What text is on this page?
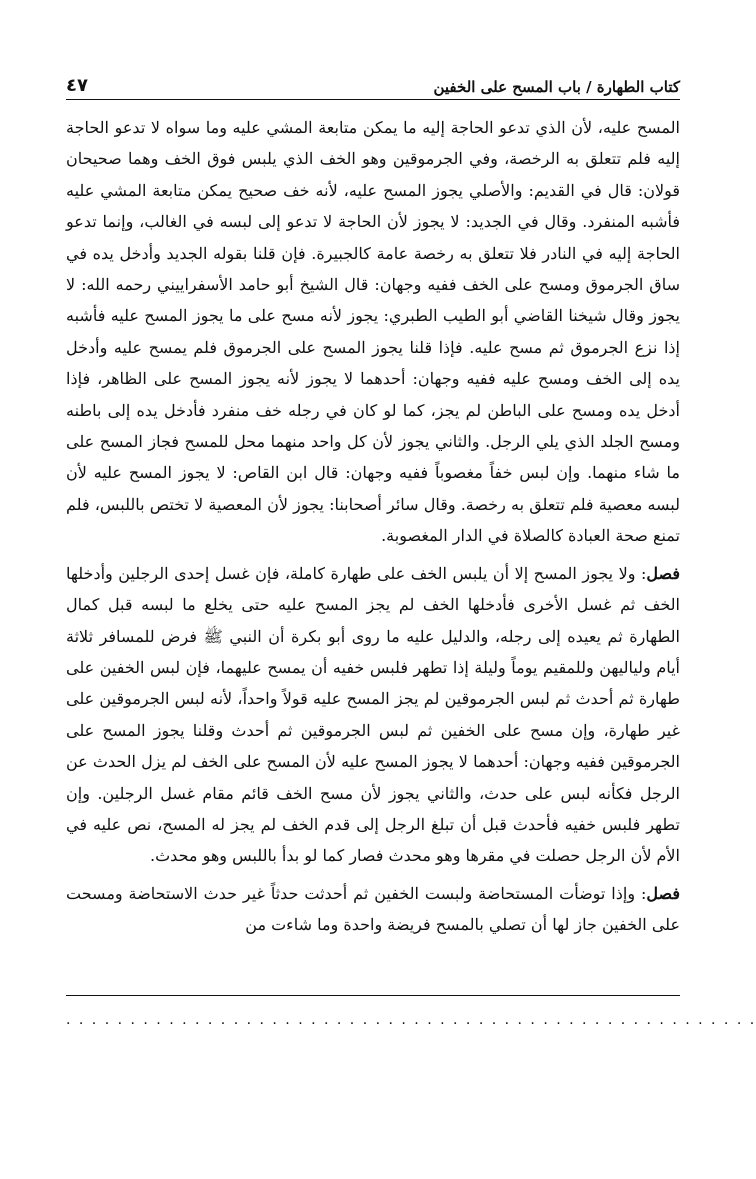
٤٧	كتاب الطهارة / باب المسح على الخفين

المسح عليه، لأن الذي تدعو الحاجة إليه ما يمكن متابعة المشي عليه وما سواه لا تدعو الحاجة إليه فلم تتعلق به الرخصة، وفي الجرموقين وهو الخف الذي يلبس فوق الخف وهما صحيحان قولان: قال في القديم: والأصلي يجوز المسح عليه، لأنه خف صحيح يمكن متابعة المشي عليه فأشبه المنفرد. وقال في الجديد: لا يجوز لأن الحاجة لا تدعو إلى لبسه في الغالب، وإنما تدعو الحاجة إليه في النادر فلا تتعلق به رخصة عامة كالجبيرة. فإن قلنا بقوله الجديد وأدخل يده في ساق الجرموق ومسح على الخف ففيه وجهان: قال الشيخ أبو حامد الأسفراييني رحمه الله: لا يجوز وقال شيخنا القاضي أبو الطيب الطبري: يجوز لأنه مسح على ما يجوز المسح عليه فأشبه إذا نزع الجرموق ثم مسح عليه. فإذا قلنا يجوز المسح على الجرموق فلم يمسح عليه وأدخل يده إلى الخف ومسح عليه ففيه وجهان: أحدهما لا يجوز لأنه يجوز المسح على الظاهر، فإذا أدخل يده ومسح على الباطن لم يجز، كما لو كان في رجله خف منفرد فأدخل يده إلى باطنه ومسح الجلد الذي يلي الرجل. والثاني يجوز لأن كل واحد منهما محل للمسح فجاز المسح على ما شاء منهما. وإن لبس خفاً مغصوباً ففيه وجهان: قال ابن القاص: لا يجوز المسح عليه لأن لبسه معصية فلم تتعلق به رخصة. وقال سائر أصحابنا: يجوز لأن المعصية لا تختص باللبس، فلم تمنع صحة العبادة كالصلاة في الدار المغصوبة.

فصل: ولا يجوز المسح إلا أن يلبس الخف على طهارة كاملة، فإن غسل إحدى الرجلين وأدخلها الخف ثم غسل الأخرى فأدخلها الخف لم يجز المسح عليه حتى يخلع ما لبسه قبل كمال الطهارة ثم يعيده إلى رجله، والدليل عليه ما روى أبو بكرة أن النبي ﷺ فرض للمسافر ثلاثة أيام ولياليهن وللمقيم يوماً وليلة إذا تطهر فلبس خفيه أن يمسح عليهما، فإن لبس الخفين على طهارة ثم أحدث ثم لبس الجرموقين لم يجز المسح عليه قولاً واحداً، لأنه لبس الجرموقين على غير طهارة، وإن مسح على الخفين ثم لبس الجرموقين ثم أحدث وقلنا يجوز المسح على الجرموقين ففيه وجهان: أحدهما لا يجوز المسح عليه لأن المسح على الخف لم يزل الحدث عن الرجل فكأنه لبس على حدث، والثاني يجوز لأن مسح الخف قائم مقام غسل الرجلين. وإن تطهر فلبس خفيه فأحدث قبل أن تبلغ الرجل إلى قدم الخف لم يجز له المسح، نص عليه في الأم لأن الرجل حصلت في مقرها وهو محدث فصار كما لو بدأ باللبس وهو محدث.

فصل: وإذا توضأت المستحاضة ولبست الخفين ثم أحدثت حدثاً غير حدث الاستحاضة ومسحت على الخفين جاز لها أن تصلي بالمسح فريضة واحدة وما شاءت من

. . . . . . . . . . . . . . . . . . . . . . . . . . . . . . . . . . . . . . . . . . . . . . . . . . . . . .
